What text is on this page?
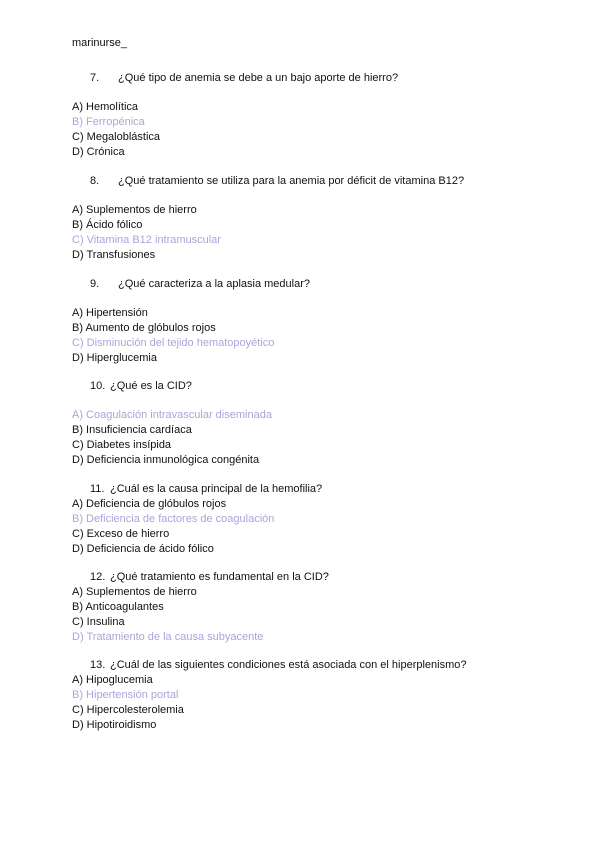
marinurse_
7. ¿Qué tipo de anemia se debe a un bajo aporte de hierro?
A) Hemolítica
B) Ferropénica
C) Megaloblástica
D) Crónica
8. ¿Qué tratamiento se utiliza para la anemia por déficit de vitamina B12?
A) Suplementos de hierro
B) Ácido fólico
C) Vitamina B12 intramuscular
D) Transfusiones
9. ¿Qué caracteriza a la aplasia medular?
A) Hipertensión
B) Aumento de glóbulos rojos
C) Disminución del tejido hematopoyético
D) Hiperglucemia
10. ¿Qué es la CID?
A) Coagulación intravascular diseminada
B) Insuficiencia cardíaca
C) Diabetes insípida
D) Deficiencia inmunológica congénita
11. ¿Cuál es la causa principal de la hemofilia?
A) Deficiencia de glóbulos rojos
B) Deficiencia de factores de coagulación
C) Exceso de hierro
D) Deficiencia de ácido fólico
12. ¿Qué tratamiento es fundamental en la CID?
A) Suplementos de hierro
B) Anticoagulantes
C) Insulina
D) Tratamiento de la causa subyacente
13. ¿Cuál de las siguientes condiciones está asociada con el hiperplenismo?
A) Hipoglucemia
B) Hipertensión portal
C) Hipercolesterolemia
D) Hipotiroidismo
